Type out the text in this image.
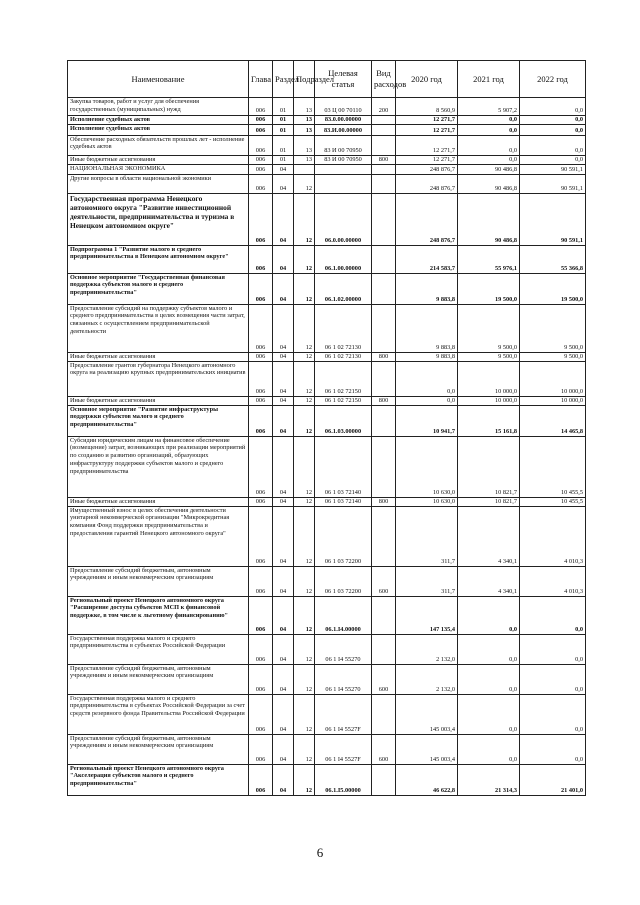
Наименование	Глава	Раздел	Подраздел	Целевая статья	Вид расходов	2020 год	2021 год	2022 год
Закупка товаров, работ и услуг для обеспечения государственных (муниципальных) нужд	006	01	13	03 Ц 00 70110	200	8 560,9	5 907,2	0,0
Исполнение судебных актов	006	01	13	83.0.00.00000		12 271,7	0,0	0,0
Исполнение судебных актов	006	01	13	83.И.00.00000		12 271,7	0,0	0,0
Обеспечение расходных обязательств прошлых лет - исполнение судебных актов	006	01	13	83 И 00 70950		12 271,7	0,0	0,0
Иные бюджетные ассигнования	006	01	13	83 И 00 70950	800	12 271,7	0,0	0,0
НАЦИОНАЛЬНАЯ ЭКОНОМИКА	006	04				248 876,7	90 486,8	90 591,1
Другие вопросы в области национальной экономики	006	04	12			248 876,7	90 486,8	90 591,1
Государственная программа Ненецкого автономного округа "Развитие инвестиционной деятельности, предпринимательства и туризма в Ненецком автономном округе"	006	04	12	06.0.00.00000		248 876,7	90 486,8	90 591,1
Подпрограмма 1 "Развитие малого и среднего предпринимательства в Ненецком автономном округе"	006	04	12	06.1.00.00000		214 583,7	55 976,1	55 366,8
Основное мероприятие "Государственная финансовая поддержка субъектов малого и среднего предпринимательства"	006	04	12	06.1.02.00000		9 883,8	19 500,0	19 500,0
Предоставление субсидий на поддержку субъектов малого и среднего предпринимательства в целях возмещения части затрат, связанных с осуществлением предпринимательской деятельности	006	04	12	06 1 02 72130		9 883,8	9 500,0	9 500,0
Иные бюджетные ассигнования	006	04	12	06 1 02 72130	800	9 883,8	9 500,0	9 500,0
Предоставление грантов губернатора Ненецкого автономного округа на реализацию крупных предпринимательских инициатив	006	04	12	06 1 02 72150		0,0	10 000,0	10 000,0
Иные бюджетные ассигнования	006	04	12	06 1 02 72150	800	0,0	10 000,0	10 000,0
Основное мероприятие "Развитие инфраструктуры поддержки субъектов малого и среднего предпринимательства"	006	04	12	06.1.03.00000		10 941,7	15 161,8	14 465,8
Субсидии юридическим лицам на финансовое обеспечение (возмещение) затрат, возникающих при реализации мероприятий по созданию и развитию организаций, образующих инфраструктуру поддержки субъектов малого и среднего предпринимательства	006	04	12	06 1 03 72140		10 630,0	10 821,7	10 455,5
Иные бюджетные ассигнования	006	04	12	06 1 03 72140	800	10 630,0	10 821,7	10 455,5
Имущественный взнос в целях обеспечения деятельности унитарной некоммерческой организации "Микрокредитная компания Фонд поддержки предпринимательства и предоставления гарантий Ненецкого автономного округа"	006	04	12	06 1 03 72200		311,7	4 340,1	4 010,3
Предоставление субсидий бюджетным, автономным учреждениям и иным некоммерческим организациям	006	04	12	06 1 03 72200	600	311,7	4 340,1	4 010,3
Региональный проект Ненецкого автономного округа "Расширение доступа субъектов МСП к финансовой поддержке, в том числе к льготному финансированию"	006	04	12	06.1.I4.00000		147 135,4	0,0	0,0
Государственная поддержка малого и среднего предпринимательства в субъектах Российской Федерации	006	04	12	06 1 I4 55270		2 132,0	0,0	0,0
Предоставление субсидий бюджетным, автономным учреждениям и иным некоммерческим организациям	006	04	12	06 1 I4 55270	600	2 132,0	0,0	0,0
Государственная поддержка малого и среднего предпринимательства в субъектах Российской Федерации за счет средств резервного фонда Правительства Российской Федерации	006	04	12	06 1 I4 5527F		145 003,4	0,0	0,0
Предоставление субсидий бюджетным, автономным учреждениям и иным некоммерческим организациям	006	04	12	06 1 I4 5527F	600	145 003,4	0,0	0,0
Региональный проект Ненецкого автономного округа "Акселерация субъектов малого и среднего предпринимательства"	006	04	12	06.1.I5.00000		46 622,8	21 314,3	21 401,0
6
